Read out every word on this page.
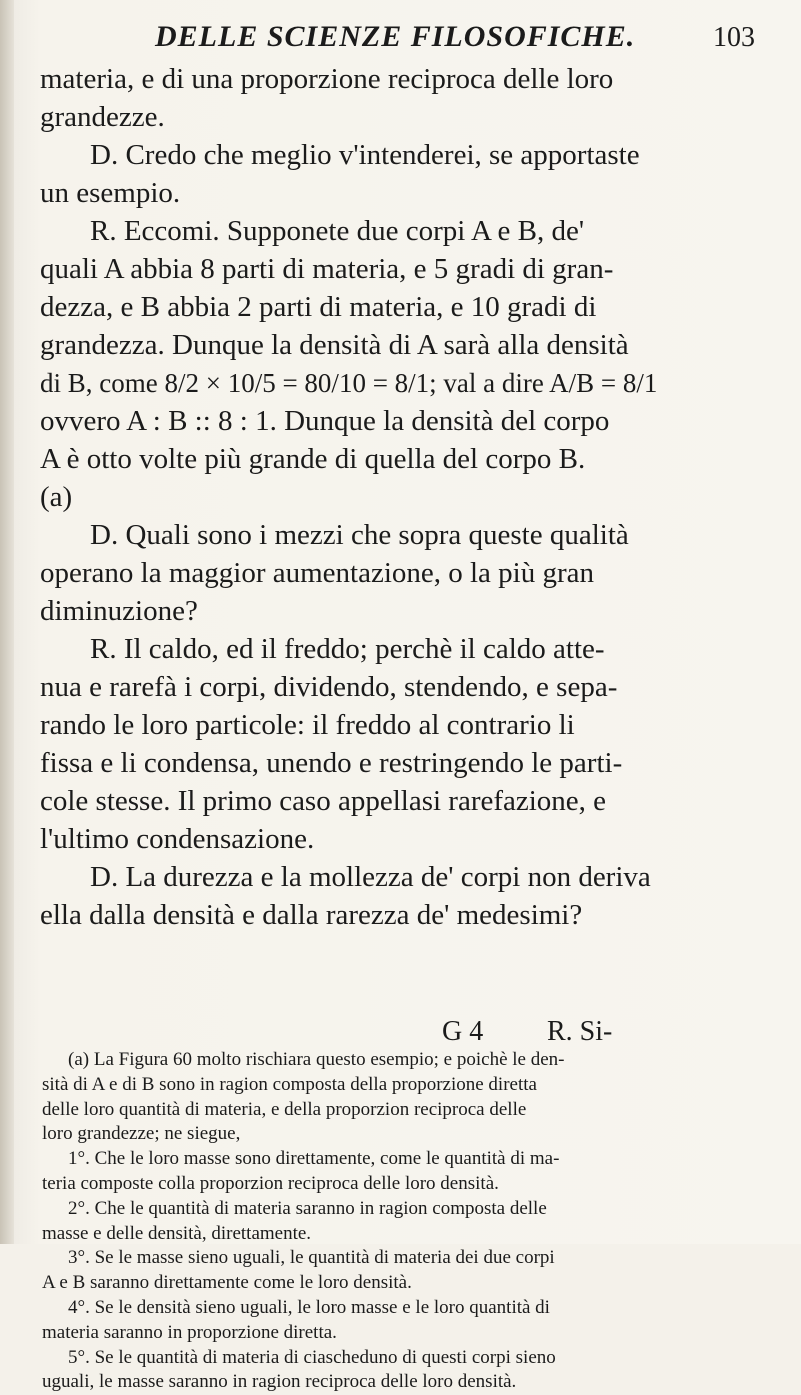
DELLE SCIENZE FILOSOFICHE.	103
materia, e di una proporzione reciproca delle loro
grandezze.
D. Credo che meglio v'intenderei, se apportaste
un esempio.
R. Eccomi. Supponete due corpi A e B, de'
quali A abbia 8 parti di materia, e 5 gradi di gran-
dezza, e B abbia 2 parti di materia, e 10 gradi di
grandezza. Dunque la densità di A sarà alla densità
di B, come 8/2 × 10/5 = 80/10 = 8/1; val a dire A/B = 8/1
ovvero A : B :: 8 : 1. Dunque la densità del corpo
A è otto volte più grande di quella del corpo B.
(a)
D. Quali sono i mezzi che sopra queste qualità
operano la maggior aumentazione, o la più gran
diminuzione?
R. Il caldo, ed il freddo; perchè il caldo atte-
nua e rarefà i corpi, dividendo, stendendo, e sepa-
rando le loro particole: il freddo al contrario li
fissa e li condensa, unendo e restringendo le parti-
cole stesse. Il primo caso appellasi rarefazione, e
l'ultimo condensazione.
D. La durezza e la mollezza de' corpi non deriva
ella dalla densità e dalla rarezza de' medesimi?
G 4 R. Si-
(a) La Figura 60 molto rischiara questo esempio; e poichè le den-
sità di A e di B sono in ragion composta della proporzione diretta
delle loro quantità di materia, e della proporzion reciproca delle
loro grandezze; ne siegue,
1°. Che le loro masse sono direttamente, come le quantità di ma-
teria composte colla proporzion reciproca delle loro densità.
2°. Che le quantità di materia saranno in ragion composta delle
masse e delle densità, direttamente.
3°. Se le masse sieno uguali, le quantità di materia dei due corpi
A e B saranno direttamente come le loro densità.
4°. Se le densità sieno uguali, le loro masse e le loro quantità di
materia saranno in proporzione diretta.
5°. Se le quantità di materia di ciascheduno di questi corpi sieno
uguali, le masse saranno in ragion reciproca delle loro densità.
